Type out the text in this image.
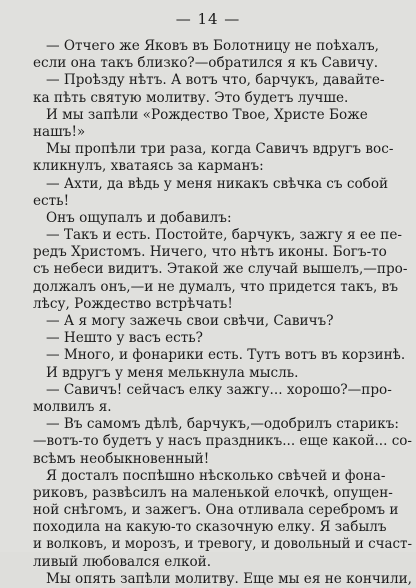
— 14 —
— Отчего же Яковъ въ Болотницу не поѣхалъ,
если она такъ близко?—обратился я къ Савичу.
— Проѣзду нѣтъ. А вотъ что, барчукъ, давайте-
ка пѣть святую молитву. Это будетъ лучше.
И мы запѣли «Рождество Твое, Христе Боже
нашъ!»
Мы пропѣли три раза, когда Савичъ вдругъ вос-
кликнулъ, хватаясь за карманъ:
— Ахти, да вѣдь у меня никакъ свѣчка съ собой
есть!
Онъ ощупалъ и добавилъ:
— Такъ и есть. Постойте, барчукъ, зажгу я ее пе-
редъ Христомъ. Ничего, что нѣтъ иконы. Богъ-то
съ небеси видитъ. Этакой же случай вышелъ,—про-
должалъ онъ,—и не думалъ, что придется такъ, въ
лѣсу, Рождество встрѣчать!
— А я могу зажечь свои свѣчи, Савичъ?
— Нешто у васъ есть?
— Много, и фонарики есть. Тутъ вотъ въ корзинѣ.
И вдругъ у меня мелькнула мысль.
— Савичъ! сейчасъ елку зажгу... хорошо?—про-
молвилъ я.
— Въ самомъ дѣлѣ, барчукъ,—одобрилъ старикъ:
—вотъ-то будетъ у насъ праздникъ... еще какой... со-
всѣмъ необыкновенный!
Я досталъ поспѣшно нѣсколько свѣчей и фона-
риковъ, развѣсилъ на маленькой елочкѣ, опущен-
ной снѣгомъ, и зажегъ. Она отливала серебромъ и
походила на какую-то сказочную елку. Я забылъ
и волковъ, и морозъ, и тревогу, и довольный и счаст-
ливый любовался елкой.
Мы опять запѣли молитву. Еще мы ея не кончили,
